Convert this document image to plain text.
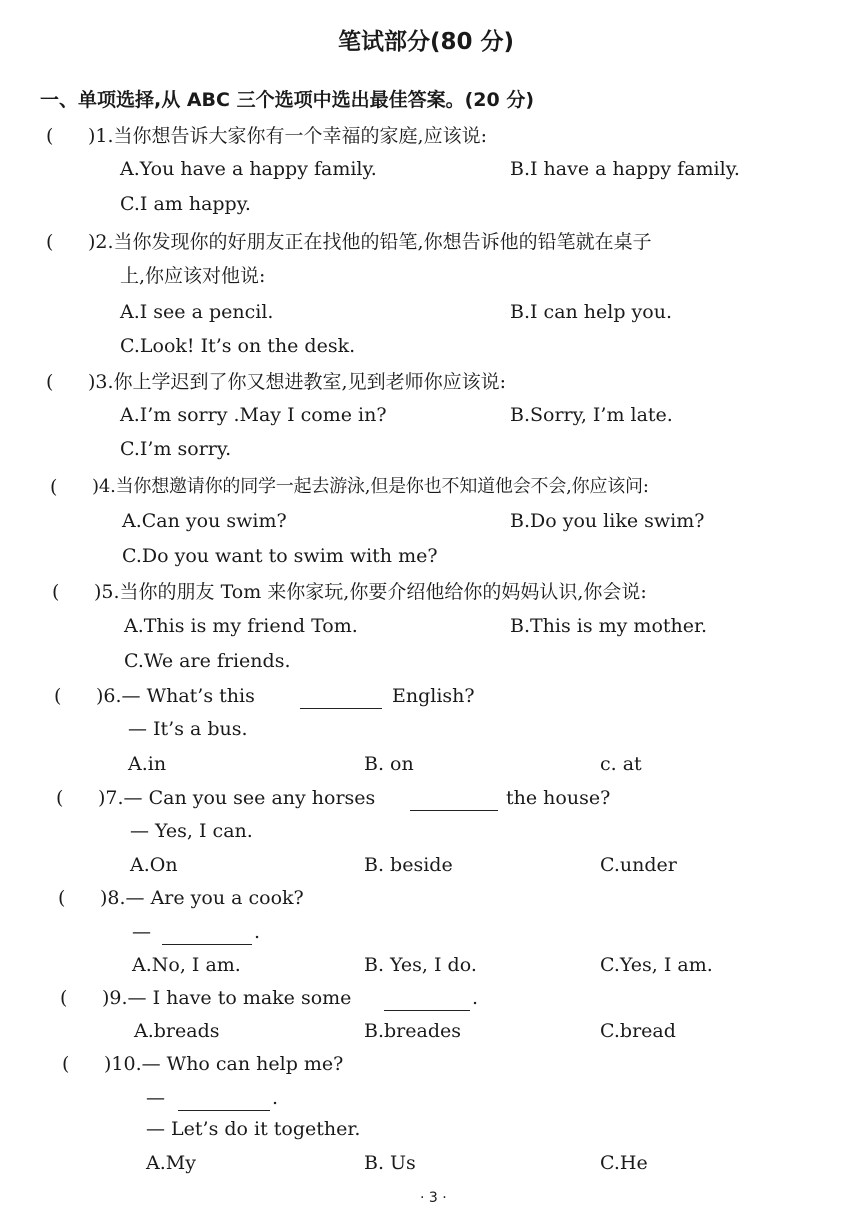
笔试部分(80 分)
一、单项选择,从 ABC 三个选项中选出最佳答案。(20 分)
( )1.当你想告诉大家你有一个幸福的家庭,应该说:
A.You have a happy family.	B.I have a happy family.
C.I am happy.
( )2.当你发现你的好朋友正在找他的铅笔,你想告诉他的铅笔就在桌子
上,你应该对他说:
A.I see a pencil.	B.I can help you.
C.Look! It’s on the desk.
( )3.你上学迟到了你又想进教室,见到老师你应该说:
A.I’m sorry .May I come in?	B.Sorry, I’m late.
C.I’m sorry.
( )4.当你想邀请你的同学一起去游泳,但是你也不知道他会不会,你应该问:
A.Can you swim?	B.Do you like swim?
C.Do you want to swim with me?
( )5.当你的朋友 Tom 来你家玩,你要介绍他给你的妈妈认识,你会说:
A.This is my friend Tom.	B.This is my mother.
C.We are friends.
( )6.— What’s this	English?
— It’s a bus.
A.in	B. on	c. at
( )7.— Can you see any horses	the house?
— Yes, I can.
A.On	B. beside	C.under
( )8.— Are you a cook?
—	.
A.No, I am.	B. Yes, I do.	C.Yes, I am.
( )9.— I have to make some	.
A.breads	B.breades	C.bread
( )10.— Who can help me?
—	.
— Let’s do it together.
A.My	B. Us	C.He
· 3 ·
